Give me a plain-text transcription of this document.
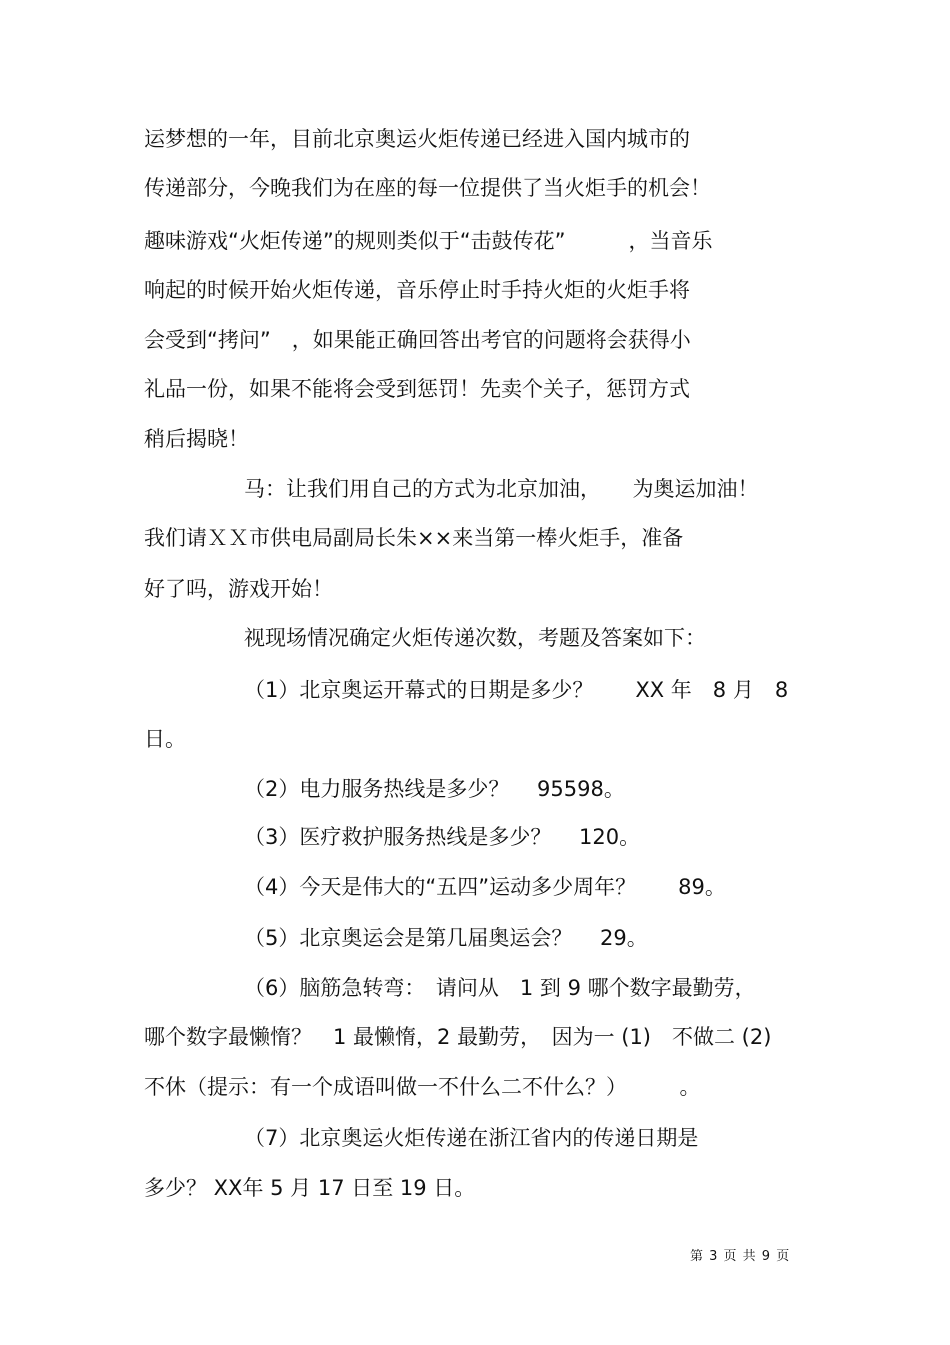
运梦想的一年，目前北京奥运火炬传递已经进入国内城市的
传递部分，今晚我们为在座的每一位提供了当火炬手的机会！
趣味游戏“火炬传递”的规则类似于“击鼓传花”　　　，当音乐
响起的时候开始火炬传递，音乐停止时手持火炬的火炬手将
会受到“拷问”　，如果能正确回答出考官的问题将会获得小
礼品一份，如果不能将会受到惩罚！先卖个关子，惩罚方式
稍后揭晓！
马：让我们用自己的方式为北京加油，　　为奥运加油！
我们请ＸＸ市供电局副局长朱××来当第一棒火炬手，准备
好了吗，游戏开始！
视现场情况确定火炬传递次数，考题及答案如下：
（1）北京奥运开幕式的日期是多少？　　XX 年　8 月　8
日。
（2）电力服务热线是多少？　 95598。
（3）医疗救护服务热线是多少？　 120。
（4）今天是伟大的“五四”运动多少周年？　　89。
（5）北京奥运会是第几届奥运会？　 29。
（6）脑筋急转弯：　请问从　1 到 9 哪个数字最勤劳，
哪个数字最懒惰？　1 最懒惰，2 最勤劳，　因为一 (1)　不做二 (2)
不休（提示：有一个成语叫做一不什么二不什么？）　　　。
（7）北京奥运火炬传递在浙江省内的传递日期是
多少？ XX年 5 月 17 日至 19 日。
第 3 页 共 9 页
